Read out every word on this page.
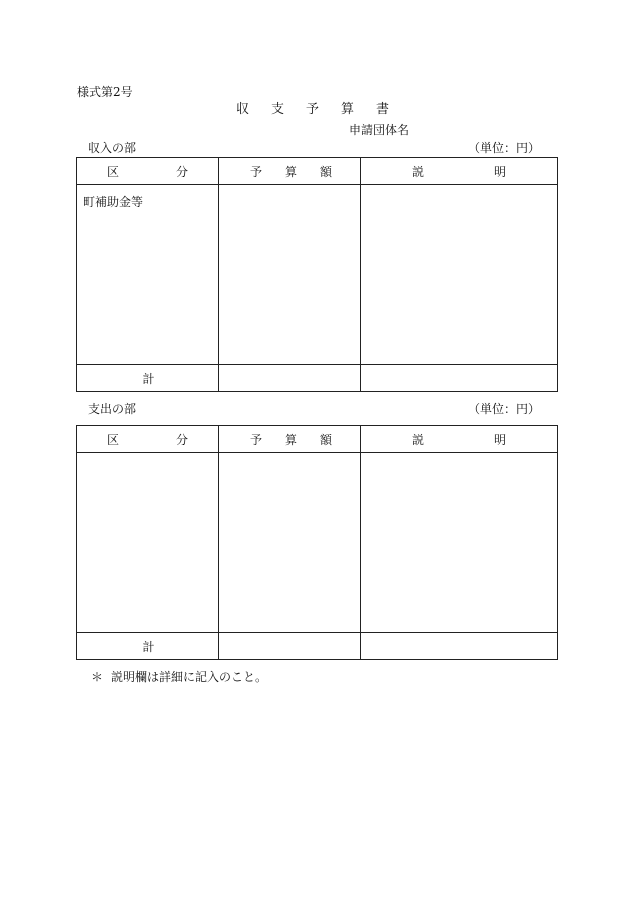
様式第2号
収支予算書
申請団体名
収入の部	（単位：円）
区 分	予 算 額	説 明

町補助金等		

計		

支出の部	（単位：円）
区 分	予 算 額	説 明

計		

＊ 説明欄は詳細に記入のこと。
